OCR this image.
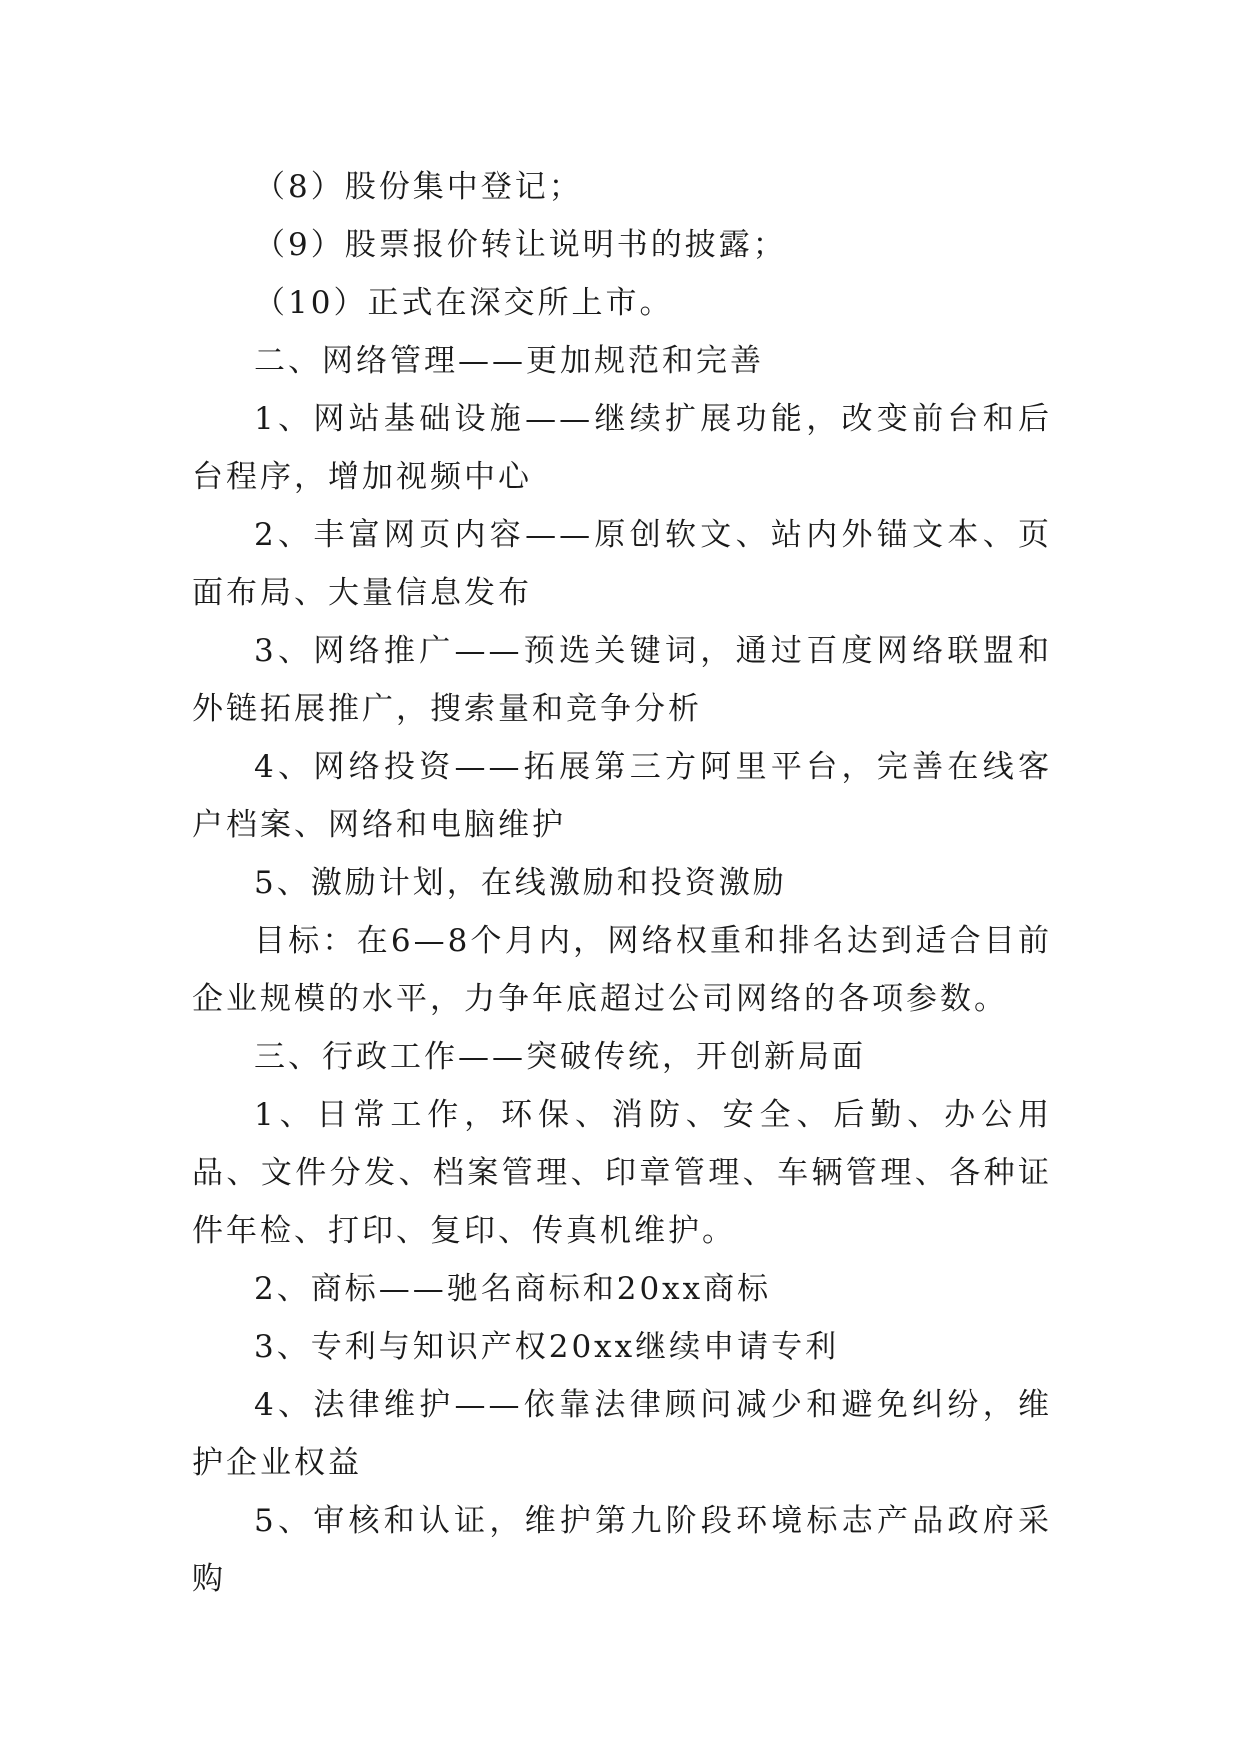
（8）股份集中登记；

（9）股票报价转让说明书的披露；

（10）正式在深交所上市。

二、网络管理——更加规范和完善

1、网站基础设施——继续扩展功能，改变前台和后台程序，增加视频中心

2、丰富网页内容——原创软文、站内外锚文本、页面布局、大量信息发布

3、网络推广——预选关键词，通过百度网络联盟和外链拓展推广，搜索量和竞争分析

4、网络投资——拓展第三方阿里平台，完善在线客户档案、网络和电脑维护

5、激励计划，在线激励和投资激励

目标：在6—8个月内，网络权重和排名达到适合目前企业规模的水平，力争年底超过公司网络的各项参数。

三、行政工作——突破传统，开创新局面

1、日常工作，环保、消防、安全、后勤、办公用品、文件分发、档案管理、印章管理、车辆管理、各种证件年检、打印、复印、传真机维护。

2、商标——驰名商标和20xx商标

3、专利与知识产权20xx继续申请专利

4、法律维护——依靠法律顾问减少和避免纠纷，维护企业权益

5、审核和认证，维护第九阶段环境标志产品政府采购
